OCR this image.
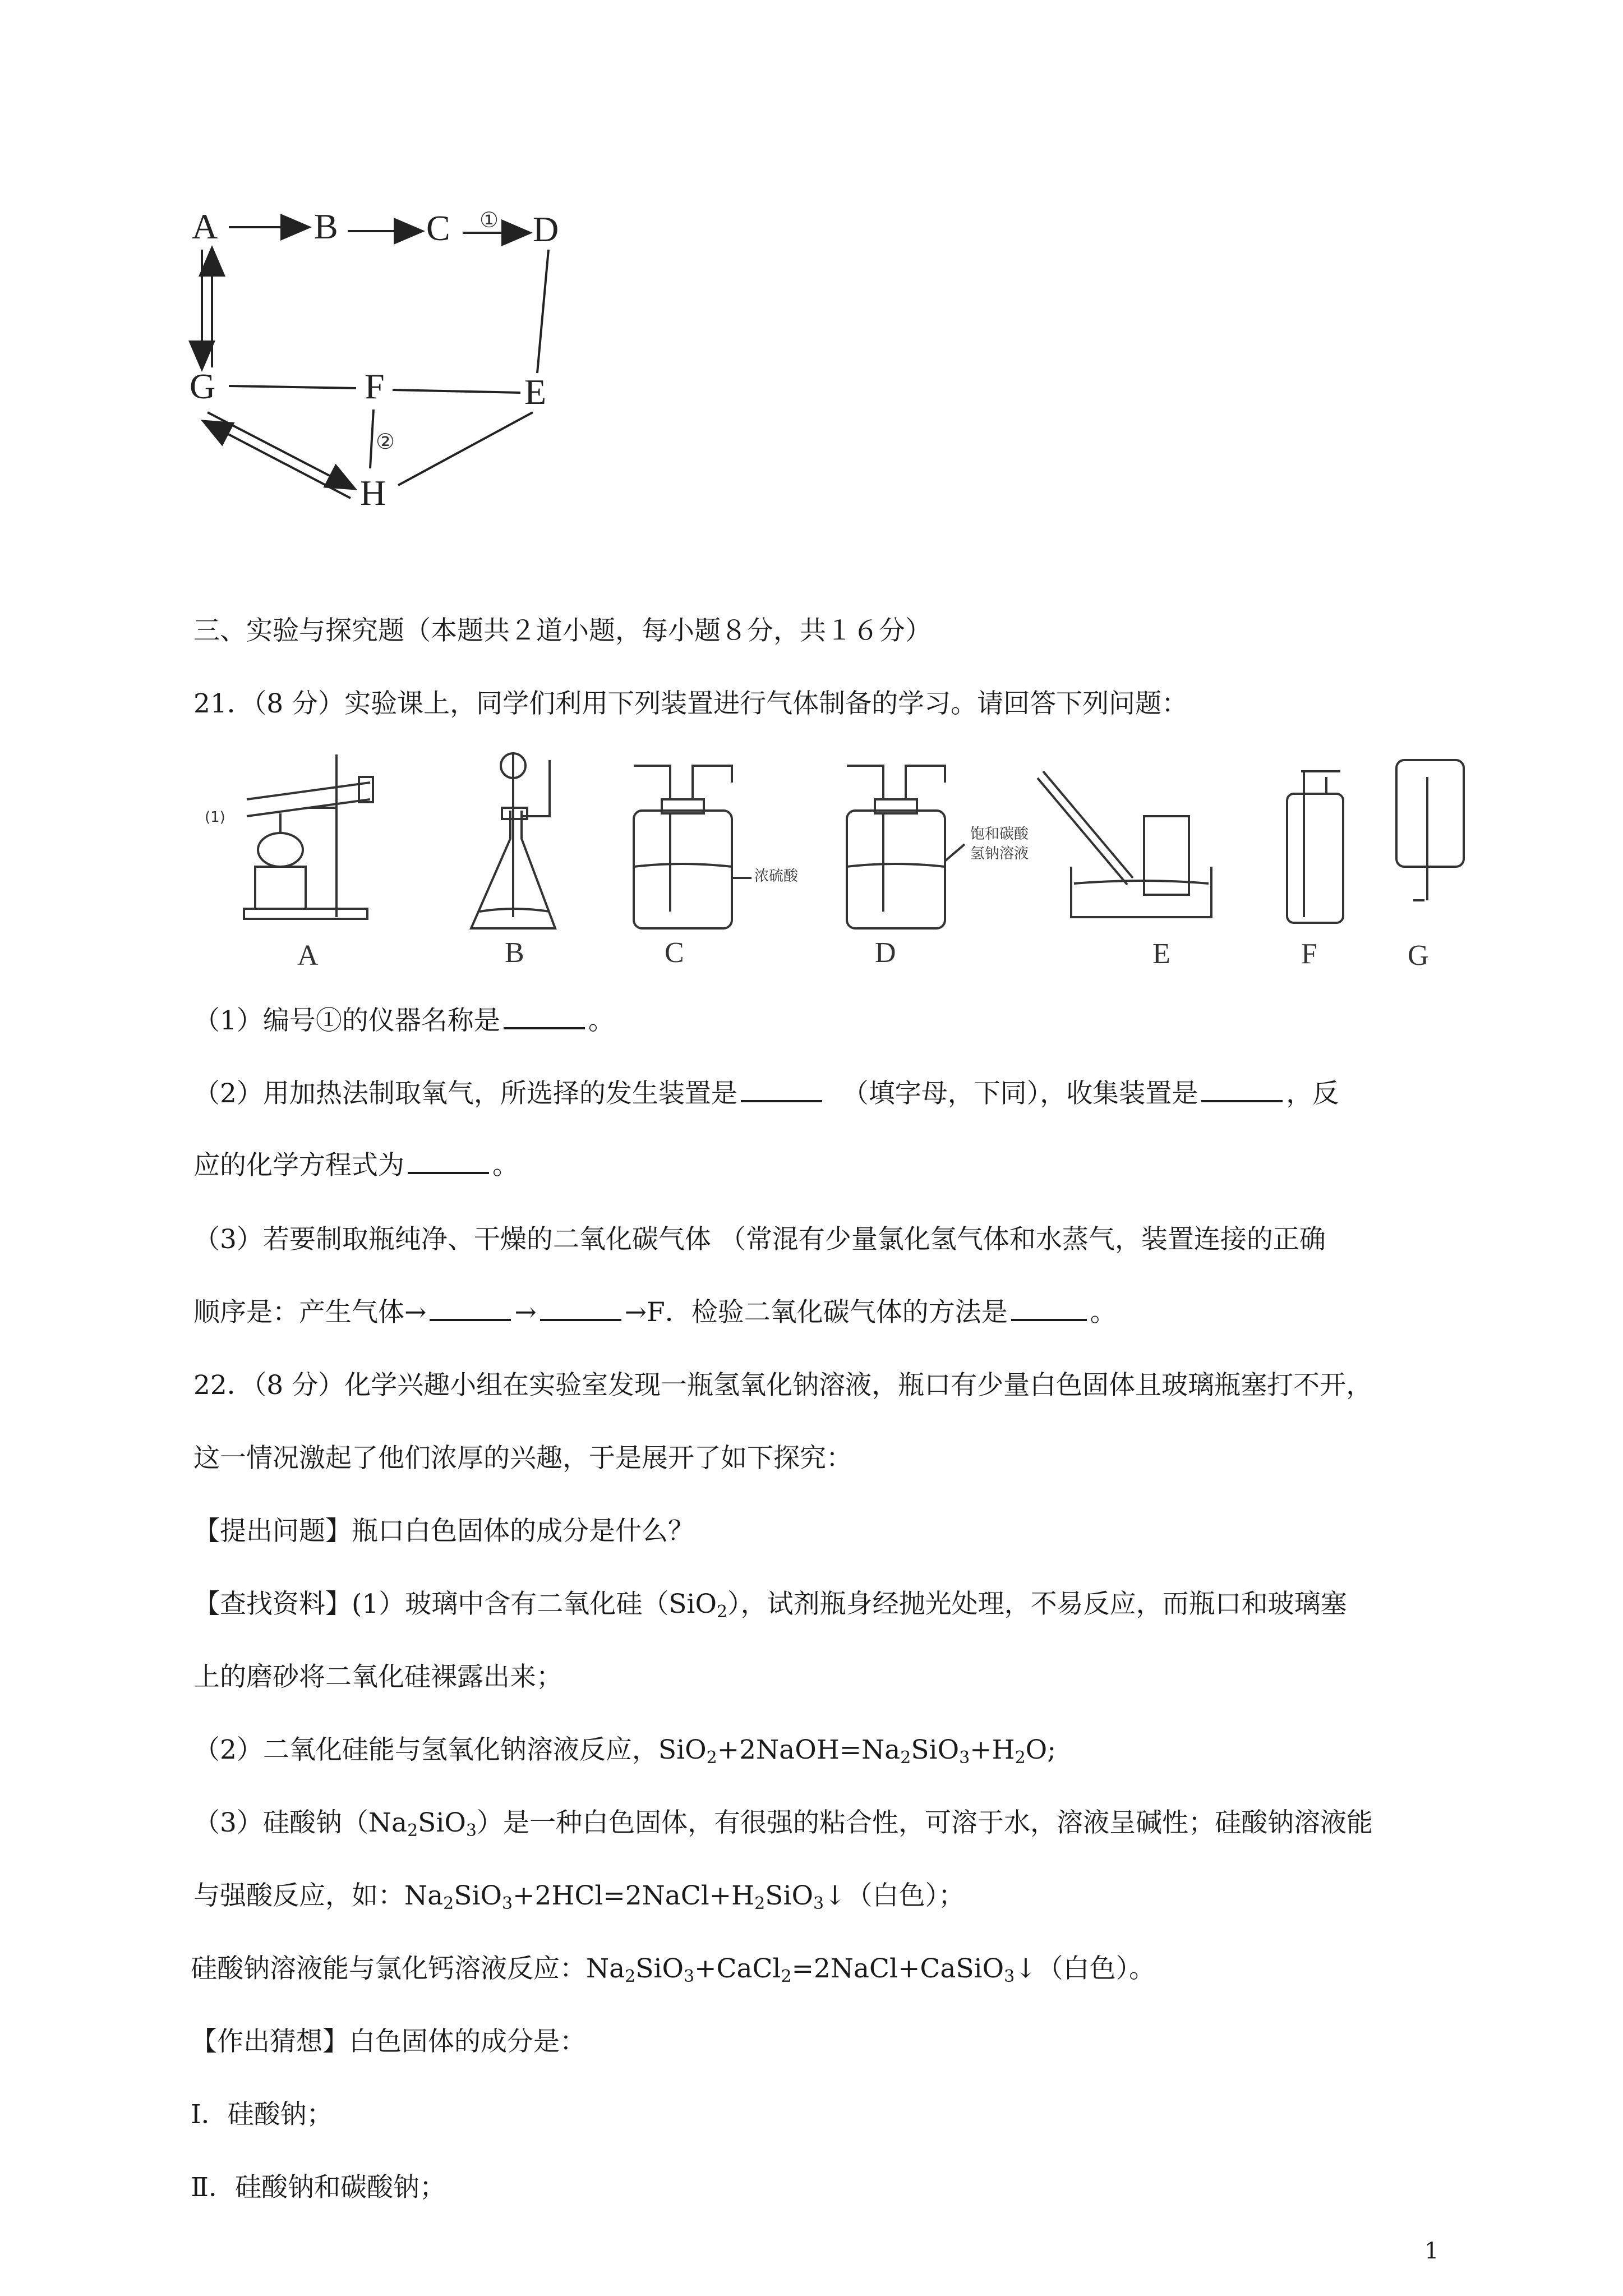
A	B C D
E
F
G
H
①
②
三、实验与探究题（本题共２道小题，每小题８分，共１６分）
21．（8 分）实验课上，同学们利用下列装置进行气体制备的学习。请回答下列问题：
(1)
浓硫酸
饱和碳酸
氢钠溶液
A	B	C	D	E	F	G
（1）编号①的仪器名称是	。
（2）用加热法制取氧气，所选择的发生装置是	（填字母，下同），收集装置是	，反
应的化学方程式为	。
（3）若要制取瓶纯净、干燥的二氧化碳气体 （常混有少量氯化氢气体和水蒸气，装置连接的正确
顺序是：产生气体→	→	→F．检验二氧化碳气体的方法是	。
22．（8 分）化学兴趣小组在实验室发现一瓶氢氧化钠溶液，瓶口有少量白色固体且玻璃瓶塞打不开，
这一情况激起了他们浓厚的兴趣，于是展开了如下探究：
【提出问题】瓶口白色固体的成分是什么？
【查找资料】(1）玻璃中含有二氧化硅（SiO$_2$），试剂瓶身经抛光处理，不易反应，而瓶口和玻璃塞
上的磨砂将二氧化硅裸露出来；
（2）二氧化硅能与氢氧化钠溶液反应，$SiO_2+2NaOH=Na_2SiO_3+H_2O$;
（3）硅酸钠$(Na_2SiO_3)$是一种白色固体，有很强的粘合性，可溶于水，溶液呈碱性；硅酸钠溶液能
与强酸反应，如：$Na_2SiO_3+2HCl=2NaCl+H_2SiO_3↓$（白色）；
硅酸钠溶液能与氯化钙溶液反应：$Na_2SiO_3+CaCl_2=2NaCl+CaSiO_3↓$（白色）。
【作出猜想】白色固体的成分是：
Ⅰ．硅酸钠；
Ⅱ．硅酸钠和碳酸钠；
1
